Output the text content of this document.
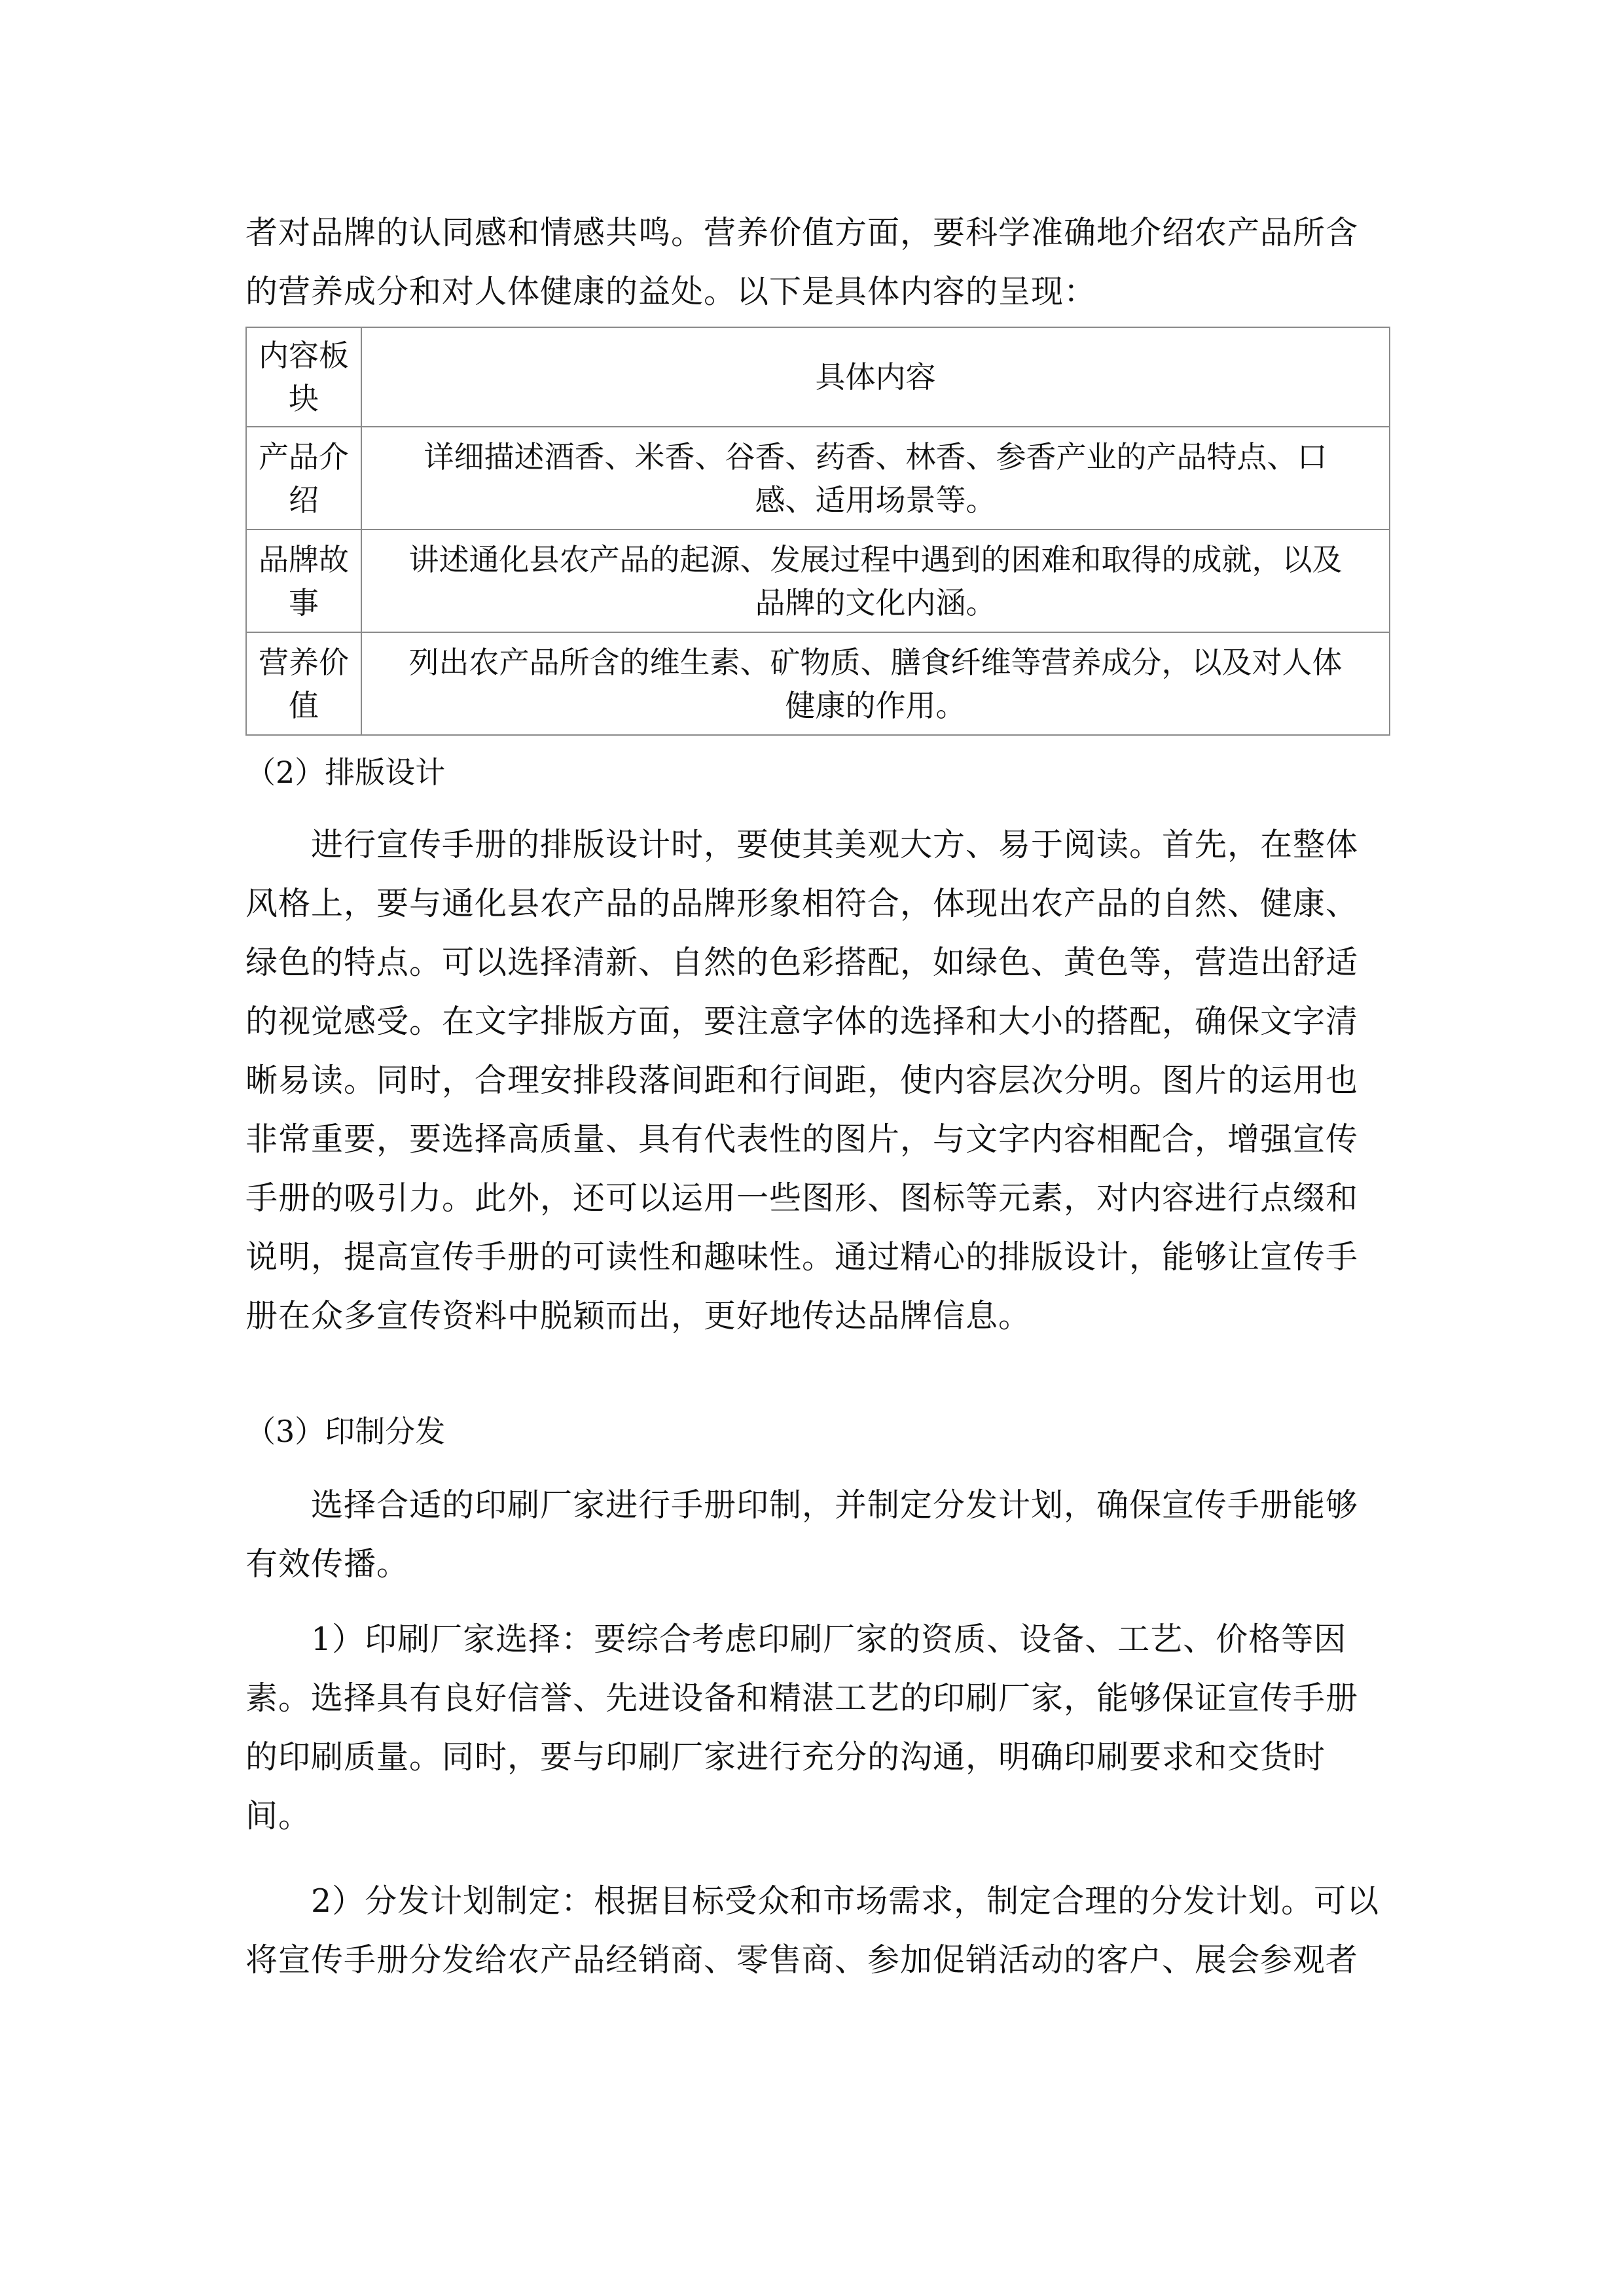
者对品牌的认同感和情感共鸣。营养价值方面，要科学准确地介绍农产品所含
的营养成分和对人体健康的益处。以下是具体内容的呈现：
内容板
块	具体内容

产品介
绍	详细描述酒香、米香、谷香、药香、林香、参香产业的产品特点、口
感、适用场景等。

品牌故
事	讲述通化县农产品的起源、发展过程中遇到的困难和取得的成就，以及
品牌的文化内涵。

营养价
值	列出农产品所含的维生素、矿物质、膳食纤维等营养成分，以及对人体
健康的作用。
（2）排版设计
　　进行宣传手册的排版设计时，要使其美观大方、易于阅读。首先，在整体
风格上，要与通化县农产品的品牌形象相符合，体现出农产品的自然、健康、
绿色的特点。可以选择清新、自然的色彩搭配，如绿色、黄色等，营造出舒适
的视觉感受。在文字排版方面，要注意字体的选择和大小的搭配，确保文字清
晰易读。同时，合理安排段落间距和行间距，使内容层次分明。图片的运用也
非常重要，要选择高质量、具有代表性的图片，与文字内容相配合，增强宣传
手册的吸引力。此外，还可以运用一些图形、图标等元素，对内容进行点缀和
说明，提高宣传手册的可读性和趣味性。通过精心的排版设计，能够让宣传手
册在众多宣传资料中脱颖而出，更好地传达品牌信息。
（3）印制分发
　　选择合适的印刷厂家进行手册印制，并制定分发计划，确保宣传手册能够
有效传播。
　　1）印刷厂家选择：要综合考虑印刷厂家的资质、设备、工艺、价格等因
素。选择具有良好信誉、先进设备和精湛工艺的印刷厂家，能够保证宣传手册
的印刷质量。同时，要与印刷厂家进行充分的沟通，明确印刷要求和交货时
间。
　　2）分发计划制定：根据目标受众和市场需求，制定合理的分发计划。可以
将宣传手册分发给农产品经销商、零售商、参加促销活动的客户、展会参观者
